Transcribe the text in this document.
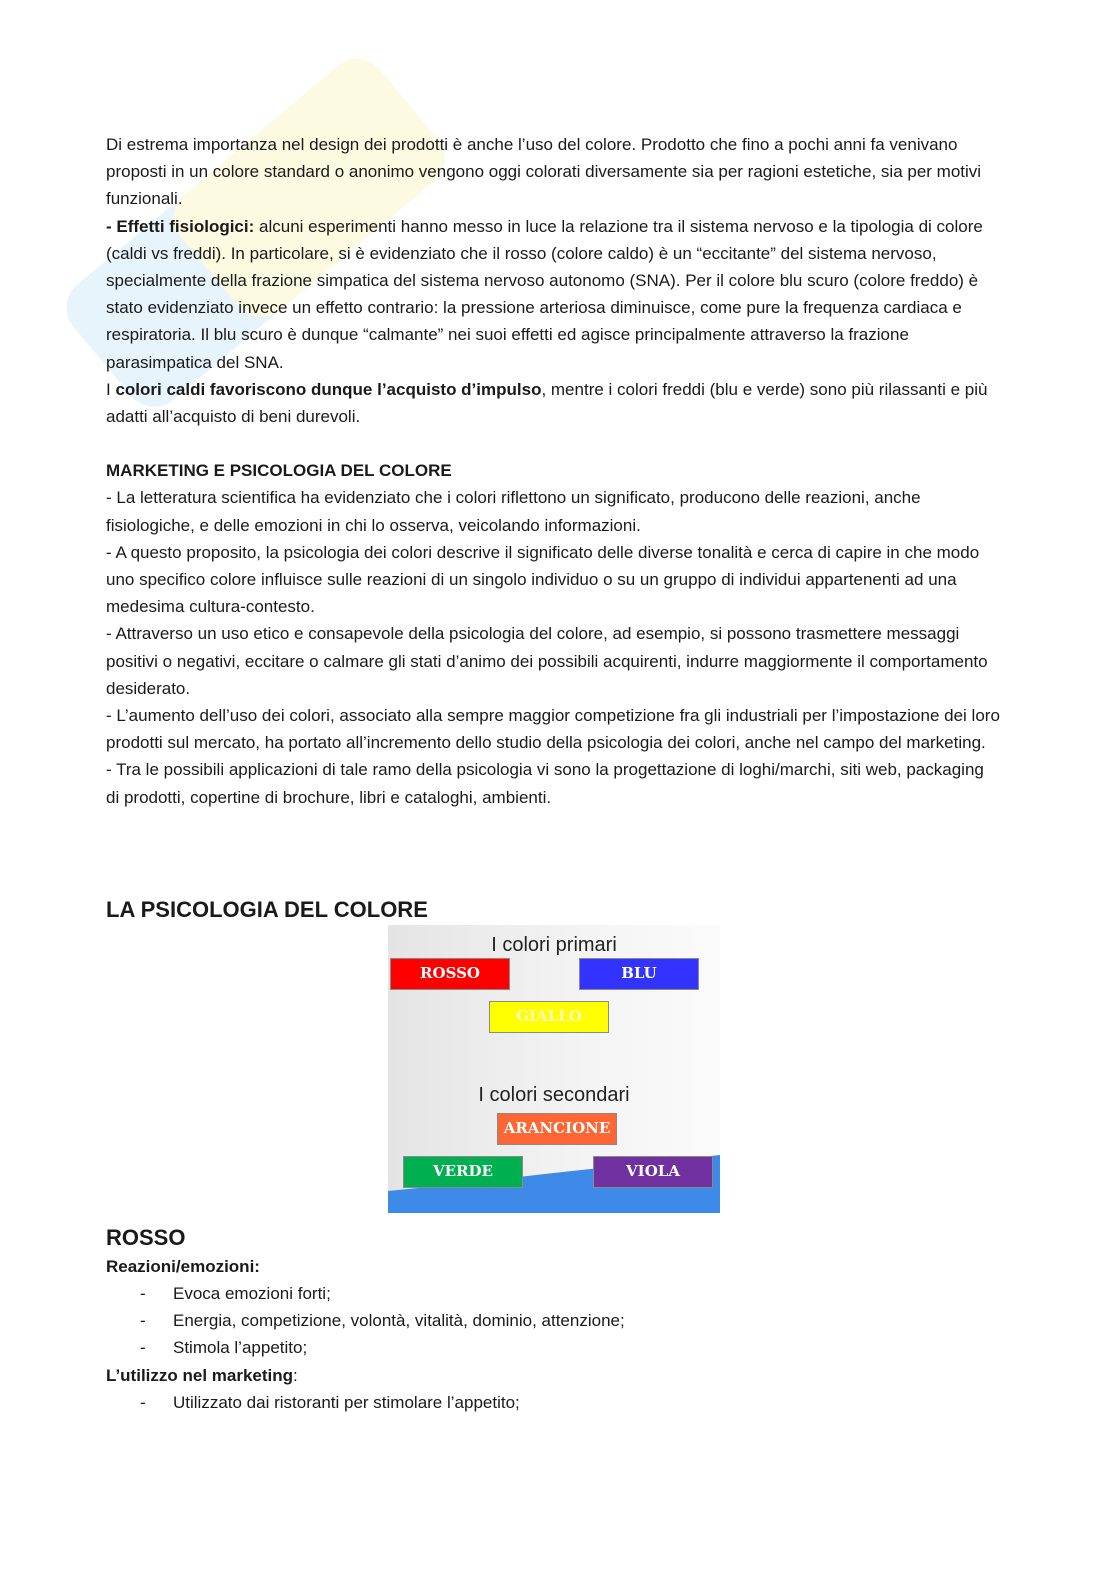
Di estrema importanza nel design dei prodotti è anche l’uso del colore. Prodotto che fino a pochi anni fa venivano proposti in un colore standard o anonimo vengono oggi colorati diversamente sia per ragioni estetiche, sia per motivi funzionali.

- Effetti fisiologici: alcuni esperimenti hanno messo in luce la relazione tra il sistema nervoso e la tipologia di colore (caldi vs freddi). In particolare, si è evidenziato che il rosso (colore caldo) è un “eccitante” del sistema nervoso, specialmente della frazione simpatica del sistema nervoso autonomo (SNA). Per il colore blu scuro (colore freddo) è stato evidenziato invece un effetto contrario: la pressione arteriosa diminuisce, come pure la frequenza cardiaca e respiratoria. Il blu scuro è dunque “calmante” nei suoi effetti ed agisce principalmente attraverso la frazione parasimpatica del SNA.

I colori caldi favoriscono dunque l’acquisto d’impulso, mentre i colori freddi (blu e verde) sono più rilassanti e più adatti all’acquisto di beni durevoli.

MARKETING E PSICOLOGIA DEL COLORE

- La letteratura scientifica ha evidenziato che i colori riflettono un significato, producono delle reazioni, anche fisiologiche, e delle emozioni in chi lo osserva, veicolando informazioni.

- A questo proposito, la psicologia dei colori descrive il significato delle diverse tonalità e cerca di capire in che modo uno specifico colore influisce sulle reazioni di un singolo individuo o su un gruppo di individui appartenenti ad una medesima cultura-contesto.

- Attraverso un uso etico e consapevole della psicologia del colore, ad esempio, si possono trasmettere messaggi positivi o negativi, eccitare o calmare gli stati d’animo dei possibili acquirenti, indurre maggiormente il comportamento desiderato.

- L’aumento dell’uso dei colori, associato alla sempre maggior competizione fra gli industriali per l’impostazione dei loro prodotti sul mercato, ha portato all’incremento dello studio della psicologia dei colori, anche nel campo del marketing.

- Tra le possibili applicazioni di tale ramo della psicologia vi sono la progettazione di loghi/marchi, siti web, packaging di prodotti, copertine di brochure, libri e cataloghi, ambienti.

LA PSICOLOGIA DEL COLORE

I colori primari
ROSSO	BLU
GIALLO
I colori secondari
ARANCIONE
VERDE	VIOLA

ROSSO

Reazioni/emozioni:

- Evoca emozioni forti;
- Energia, competizione, volontà, vitalità, dominio, attenzione;
- Stimola l’appetito;

L’utilizzo nel marketing:

- Utilizzato dai ristoranti per stimolare l’appetito;
